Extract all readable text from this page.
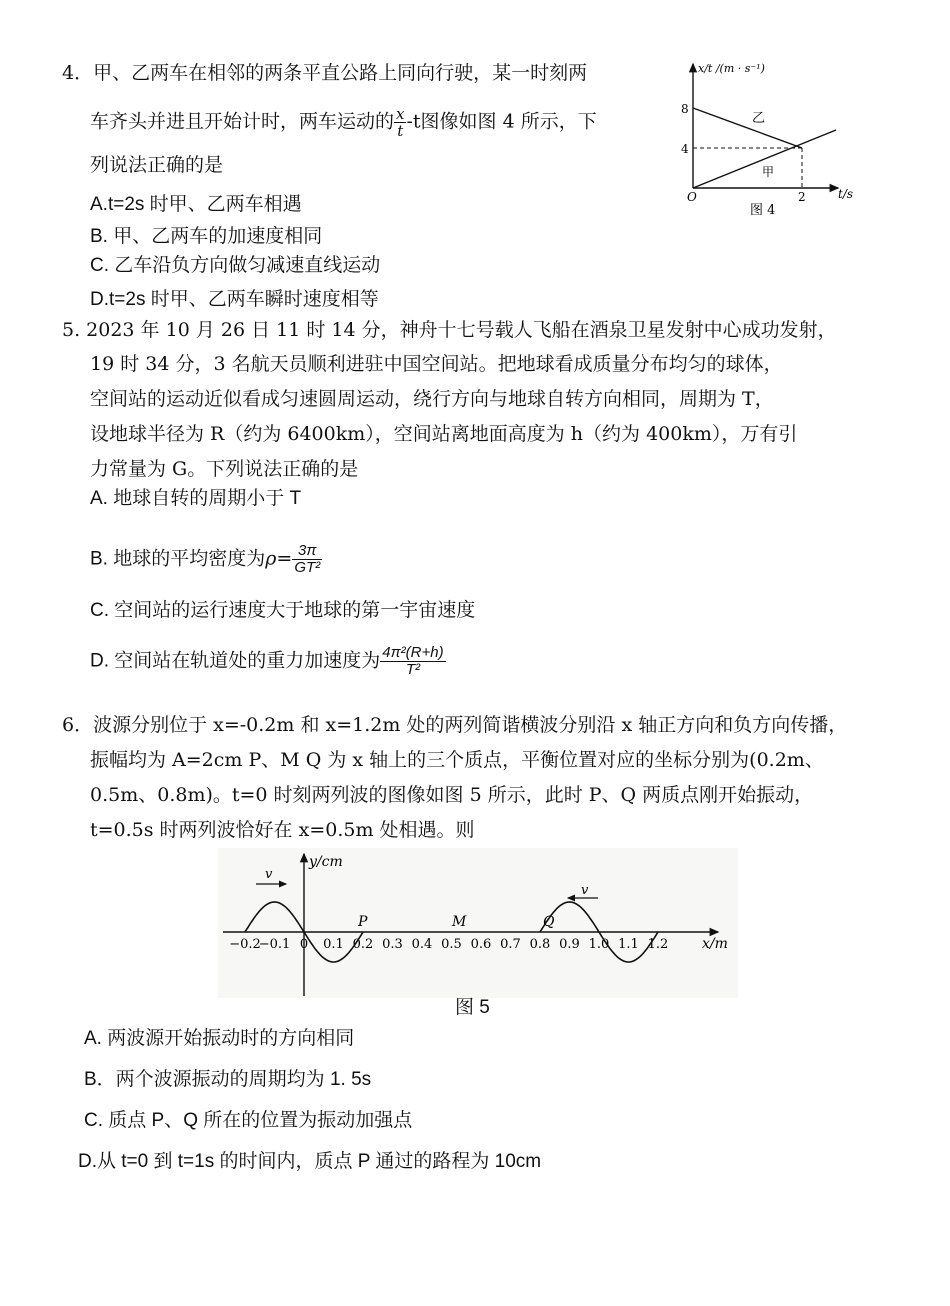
4．甲、乙两车在相邻的两条平直公路上同向行驶，某一时刻两
车齐头并进且开始计时，两车运动的 $\frac{x}{t} -t$图像如图 4 所示，下
列说法正确的是
A.t=2s 时甲、乙两车相遇
B. 甲、乙两车的加速度相同
C. 乙车沿负方向做匀减速直线运动
D.t=2s 时甲、乙两车瞬时速度相等
x/t /(m · s⁻¹)
t/s
8
4
O	2
乙
甲
图 4
5. 2023 年 10 月 26 日 11 时 14 分，神舟十七号载人飞船在酒泉卫星发射中心成功发射，
19 时 34 分，3 名航天员顺利进驻中国空间站。把地球看成质量分布均匀的球体，
空间站的运动近似看成匀速圆周运动，绕行方向与地球自转方向相同，周期为 T，
设地球半径为 R（约为 6400km），空间站离地面高度为 h（约为 400km），万有引
力常量为 G。下列说法正确的是
A. 地球自转的周期小于 T
B. 地球的平均密度为$\rho= \frac{3\pi}{\text{GT²}}$
C. 空间站的运行速度大于地球的第一宇宙速度
D. 空间站在轨道处的重力加速度为 $\frac{\text{4π²(R+h)}}{\text{T²}}$
6．波源分别位于 x=-0.2m 和 x=1.2m 处的两列简谐横波分别沿 x 轴正方向和负方向传播，
振幅均为 A=2cm P、M Q 为 x 轴上的三个质点，平衡位置对应的坐标分别为(0.2m、
0.5m、0.8m)。t=0 时刻两列波的图像如图 5 所示，此时 P、Q 两质点刚开始振动，
t=0.5s 时两列波恰好在 x=0.5m 处相遇。则
y/cm
x/m
−0.2
−0.1 0 0.1 0.2 0.3 0.4 0.5 0.6 0.7 0.8 0.9 1.0 1.1 1.2
P	M	Q
v
v
图 5
A. 两波源开始振动时的方向相同
B．两个波源振动的周期均为 1. 5s
C. 质点 P、Q 所在的位置为振动加强点
D.从 t=0 到 t=1s 的时间内，质点 P 通过的路程为 10cm
